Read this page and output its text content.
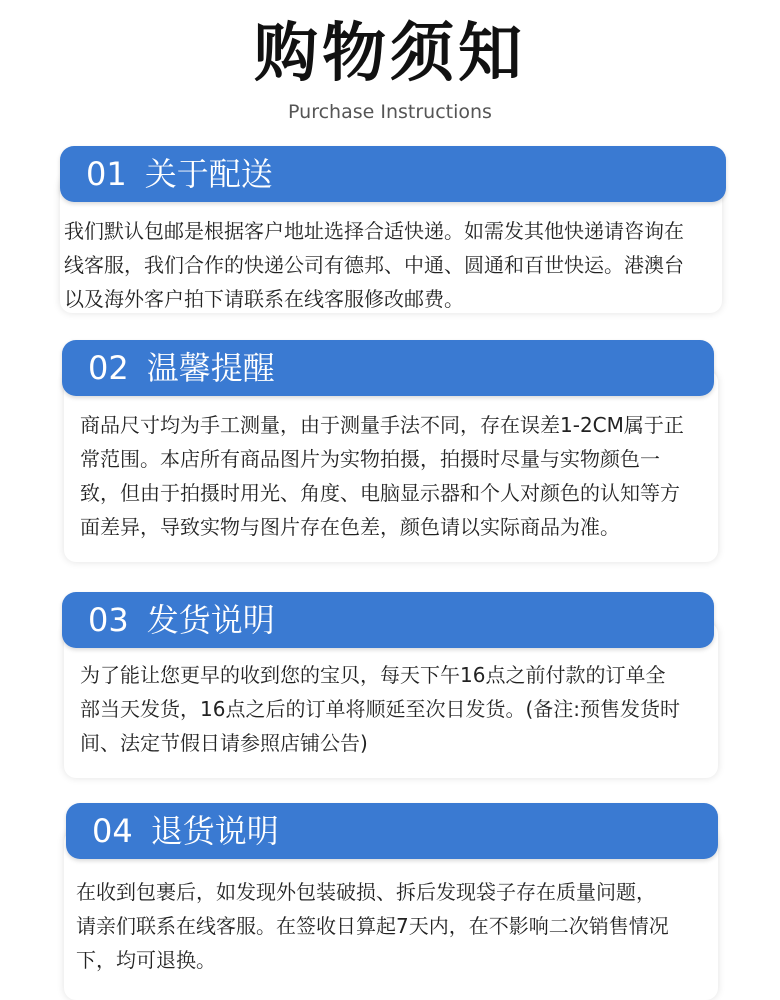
购物须知
Purchase Instructions
01 关于配送
我们默认包邮是根据客户地址选择合适快递。如需发其他快递请咨询在
线客服，我们合作的快递公司有德邦、中通、圆通和百世快运。港澳台
以及海外客户拍下请联系在线客服修改邮费。
02 温馨提醒
商品尺寸均为手工测量，由于测量手法不同，存在误差1-2CM属于正
常范围。本店所有商品图片为实物拍摄，拍摄时尽量与实物颜色一
致，但由于拍摄时用光、角度、电脑显示器和个人对颜色的认知等方
面差异，导致实物与图片存在色差，颜色请以实际商品为准。
03 发货说明
为了能让您更早的收到您的宝贝，每天下午16点之前付款的订单全
部当天发货，16点之后的订单将顺延至次日发货。(备注:预售发货时
间、法定节假日请参照店铺公告)
04 退货说明
在收到包裹后，如发现外包装破损、拆后发现袋子存在质量问题，
请亲们联系在线客服。在签收日算起7天内，在不影响二次销售情况
下，均可退换。
